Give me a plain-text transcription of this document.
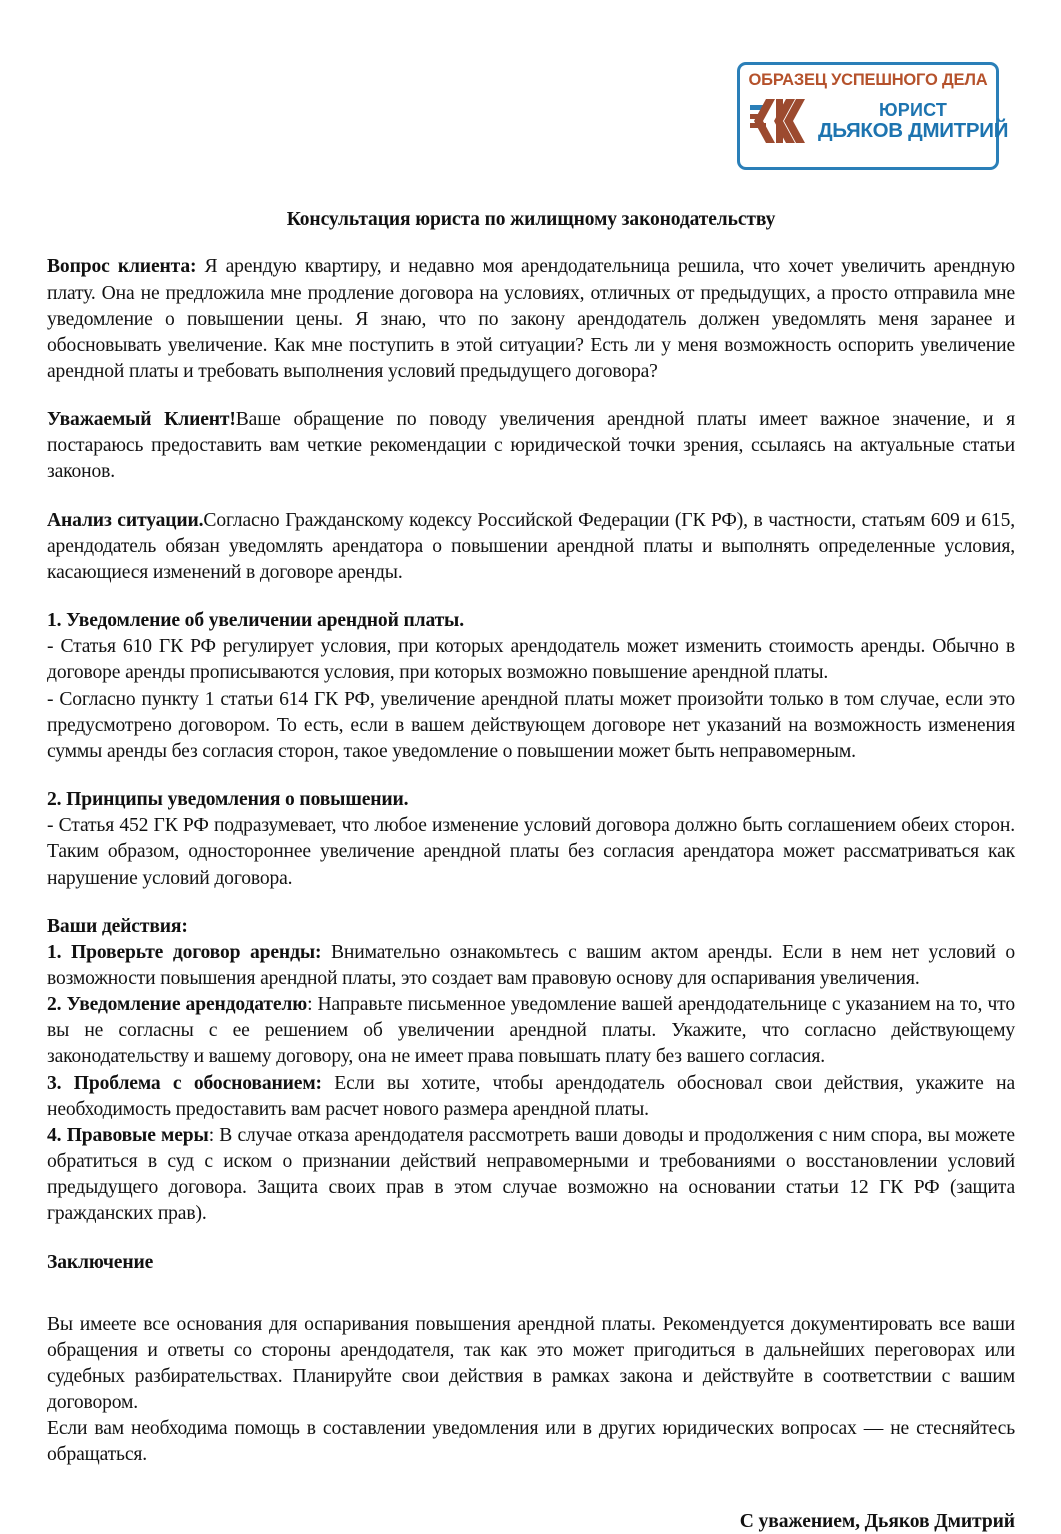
ОБРАЗЕЦ УСПЕШНОГО ДЕЛА
ЮРИСТ
ДЬЯКОВ ДМИТРИЙ
Консультация юриста по жилищному законодательству

Вопрос клиента: Я арендую квартиру, и недавно моя арендодательница решила, что хочет увеличить арендную плату. Она не предложила мне продление договора на условиях, отличных от предыдущих, а просто отправила мне уведомление о повышении цены. Я знаю, что по закону арендодатель должен уведомлять меня заранее и обосновывать увеличение. Как мне поступить в этой ситуации? Есть ли у меня возможность оспорить увеличение арендной платы и требовать выполнения условий предыдущего договора?

Уважаемый Клиент!Ваше обращение по поводу увеличения арендной платы имеет важное значение, и я постараюсь предоставить вам четкие рекомендации с юридической точки зрения, ссылаясь на актуальные статьи законов.

Анализ ситуации.Согласно Гражданскому кодексу Российской Федерации (ГК РФ), в частности, статьям 609 и 615, арендодатель обязан уведомлять арендатора о повышении арендной платы и выполнять определенные условия, касающиеся изменений в договоре аренды.

1. Уведомление об увеличении арендной платы.

- Статья 610 ГК РФ регулирует условия, при которых арендодатель может изменить стоимость аренды. Обычно в договоре аренды прописываются условия, при которых возможно повышение арендной платы.

- Согласно пункту 1 статьи 614 ГК РФ, увеличение арендной платы может произойти только в том случае, если это предусмотрено договором. То есть, если в вашем действующем договоре нет указаний на возможность изменения суммы аренды без согласия сторон, такое уведомление о повышении может быть неправомерным.

2. Принципы уведомления о повышении.

- Статья 452 ГК РФ подразумевает, что любое изменение условий договора должно быть соглашением обеих сторон. Таким образом, одностороннее увеличение арендной платы без согласия арендатора может рассматриваться как нарушение условий договора.

Ваши действия:

1. Проверьте договор аренды: Внимательно ознакомьтесь с вашим актом аренды. Если в нем нет условий о возможности повышения арендной платы, это создает вам правовую основу для оспаривания увеличения.

2. Уведомление арендодателю: Направьте письменное уведомление вашей арендодательнице с указанием на то, что вы не согласны с ее решением об увеличении арендной платы. Укажите, что согласно действующему законодательству и вашему договору, она не имеет права повышать плату без вашего согласия.

3. Проблема с обоснованием: Если вы хотите, чтобы арендодатель обосновал свои действия, укажите на необходимость предоставить вам расчет нового размера арендной платы.

4. Правовые меры: В случае отказа арендодателя рассмотреть ваши доводы и продолжения с ним спора, вы можете обратиться в суд с иском о признании действий неправомерными и требованиями о восстановлении условий предыдущего договора. Защита своих прав в этом случае возможно на основании статьи 12 ГК РФ (защита гражданских прав).

Заключение

Вы имеете все основания для оспаривания повышения арендной платы. Рекомендуется документировать все ваши обращения и ответы со стороны арендодателя, так как это может пригодиться в дальнейших переговорах или судебных разбирательствах. Планируйте свои действия в рамках закона и действуйте в соответствии с вашим договором.

Если вам необходима помощь в составлении уведомления или в других юридических вопросах — не стесняйтесь обращаться.

С уважением, Дьяков Дмитрий
